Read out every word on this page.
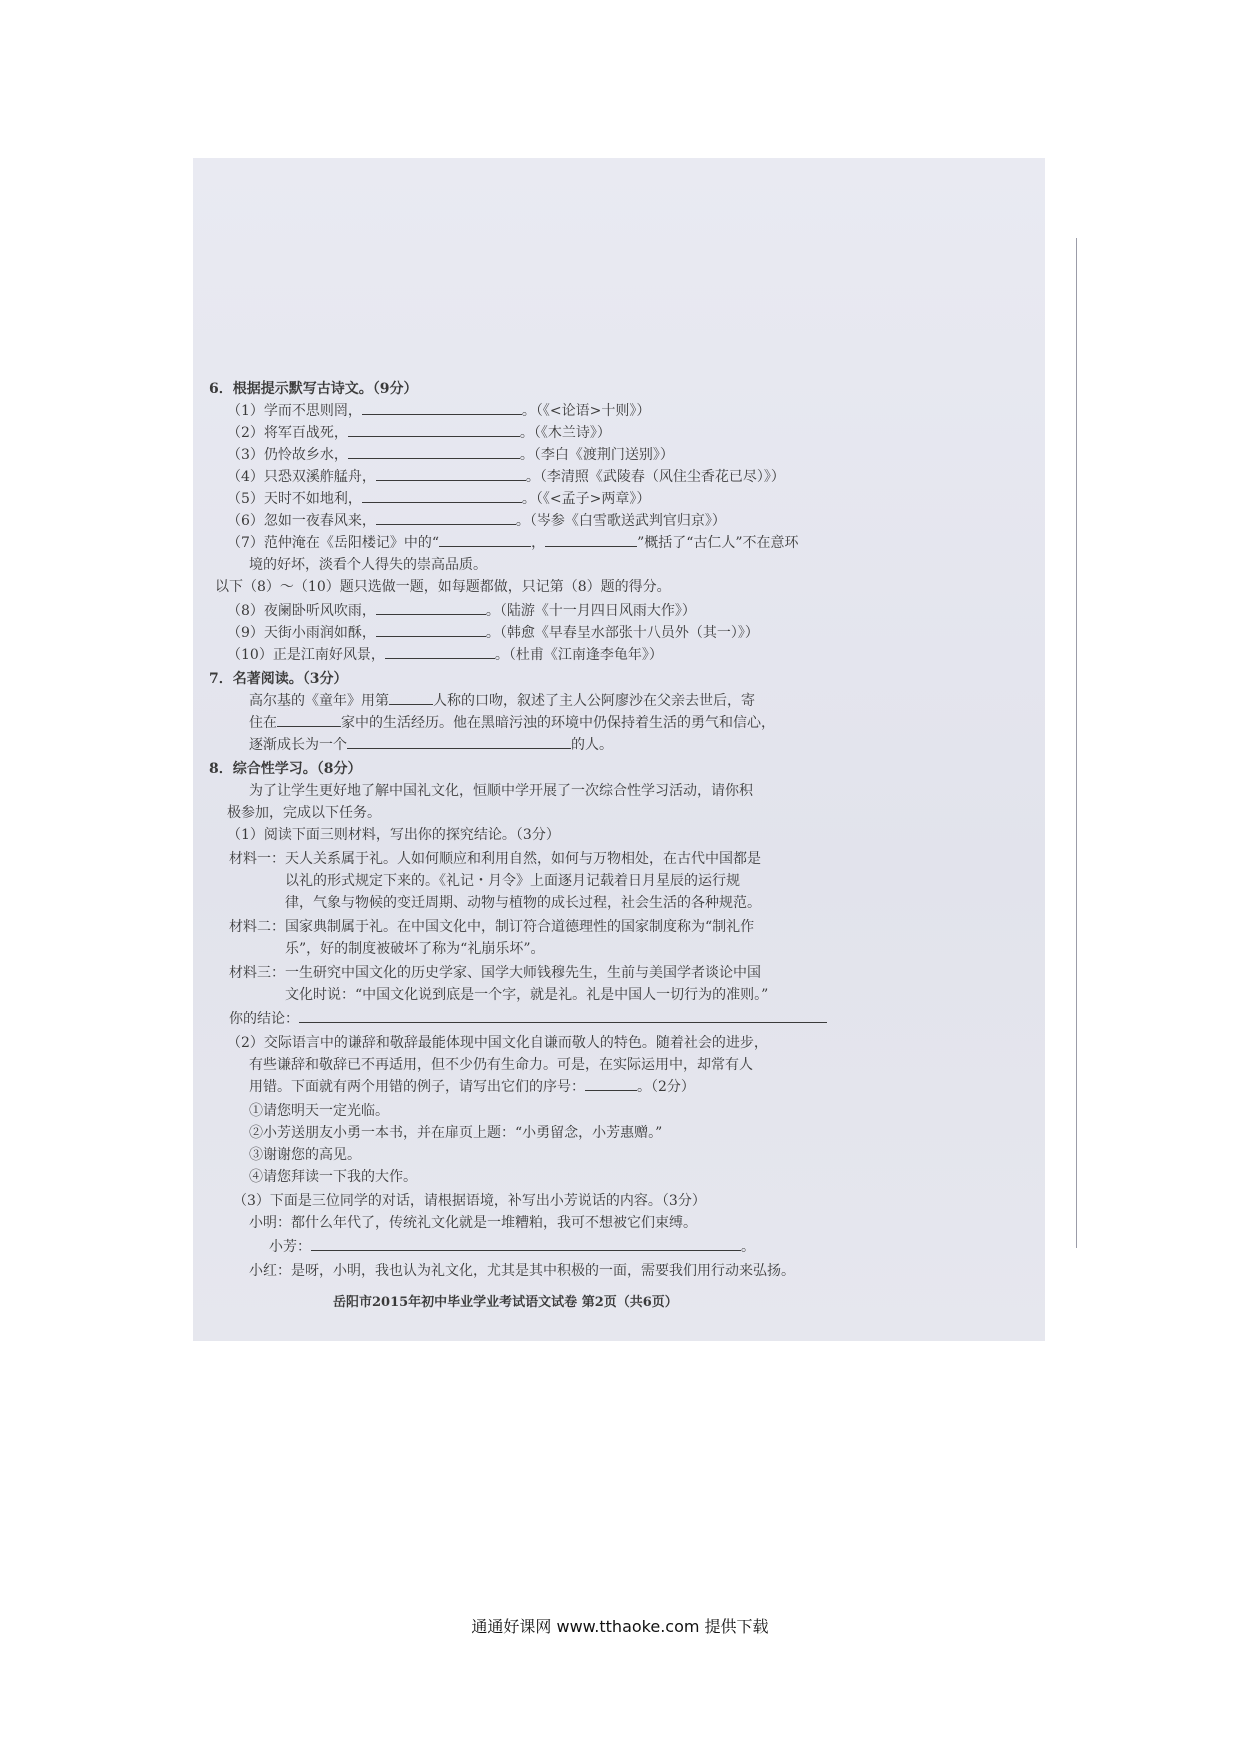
6．根据提示默写古诗文。（9分）
（1）学而不思则罔，	。（《<论语>十则》）
（2）将军百战死，	。（《木兰诗》）
（3）仍怜故乡水，	。（李白《渡荆门送别》）
（4）只恐双溪舴艋舟，	。（李清照《武陵春（风住尘香花已尽）》）
（5）天时不如地利，	。（《<孟子>两章》）
（6）忽如一夜春风来，	。（岑参《白雪歌送武判官归京》）
（7）范仲淹在《岳阳楼记》中的“	，	”概括了“古仁人”不在意环
境的好坏，淡看个人得失的崇高品质。
以下（8）～（10）题只选做一题，如每题都做，只记第（8）题的得分。
（8）夜阑卧听风吹雨，	。（陆游《十一月四日风雨大作》）
（9）天街小雨润如酥，	。（韩愈《早春呈水部张十八员外（其一）》）
（10）正是江南好风景，	。（杜甫《江南逢李龟年》）
7．名著阅读。（3分）
高尔基的《童年》用第	人称的口吻，叙述了主人公阿廖沙在父亲去世后，寄
住在	家中的生活经历。他在黑暗污浊的环境中仍保持着生活的勇气和信心，
逐渐成长为一个	的人。
8．综合性学习。（8分）
为了让学生更好地了解中国礼文化，恒顺中学开展了一次综合性学习活动，请你积
极参加，完成以下任务。
（1）阅读下面三则材料，写出你的探究结论。（3分）
材料一：天人关系属于礼。人如何顺应和利用自然，如何与万物相处，在古代中国都是
以礼的形式规定下来的。《礼记・月令》上面逐月记载着日月星辰的运行规
律，气象与物候的变迁周期、动物与植物的成长过程，社会生活的各种规范。
材料二：国家典制属于礼。在中国文化中，制订符合道德理性的国家制度称为“制礼作
乐”，好的制度被破坏了称为“礼崩乐坏”。
材料三：一生研究中国文化的历史学家、国学大师钱穆先生，生前与美国学者谈论中国
文化时说：“中国文化说到底是一个字，就是礼。礼是中国人一切行为的准则。”
你的结论：
（2）交际语言中的谦辞和敬辞最能体现中国文化自谦而敬人的特色。随着社会的进步，
有些谦辞和敬辞已不再适用，但不少仍有生命力。可是，在实际运用中，却常有人
用错。下面就有两个用错的例子，请写出它们的序号：	。（2分）
①请您明天一定光临。
②小芳送朋友小勇一本书，并在扉页上题：“小勇留念，小芳惠赠。”
③谢谢您的高见。
④请您拜读一下我的大作。
（3）下面是三位同学的对话，请根据语境，补写出小芳说话的内容。（3分）
小明：都什么年代了，传统礼文化就是一堆糟粕，我可不想被它们束缚。
小芳：	。
小红：是呀，小明，我也认为礼文化，尤其是其中积极的一面，需要我们用行动来弘扬。
岳阳市2015年初中毕业学业考试语文试卷 第2页（共6页）
通通好课网 www.tthaoke.com 提供下载
